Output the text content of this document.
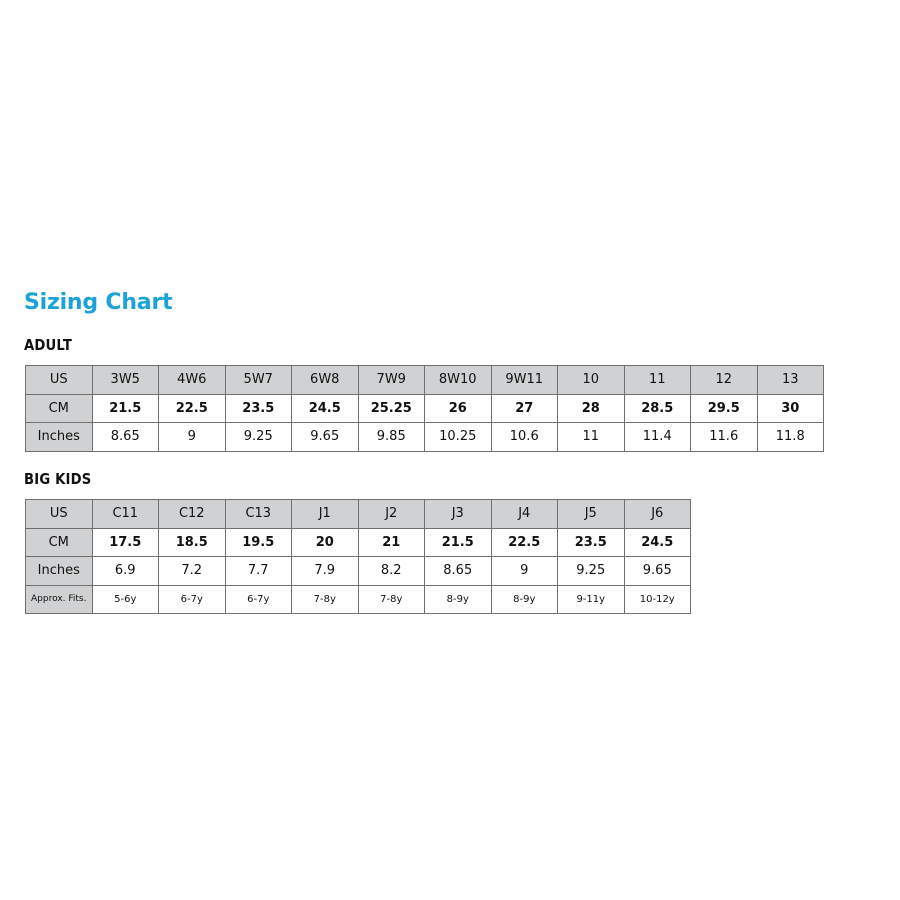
Sizing Chart
ADULT
US	3W5	4W6	5W7	6W8	7W9	8W10	9W11	10	11	12	13
CM	21.5	22.5	23.5	24.5	25.25	26	27	28	28.5	29.5	30
Inches	8.65	9	9.25	9.65	9.85	10.25	10.6	11	11.4	11.6	11.8
BIG KIDS
US	C11	C12	C13	J1	J2	J3	J4	J5	J6
CM	17.5	18.5	19.5	20	21	21.5	22.5	23.5	24.5
Inches	6.9	7.2	7.7	7.9	8.2	8.65	9	9.25	9.65
Approx. Fits.	5-6y	6-7y	6-7y	7-8y	7-8y	8-9y	8-9y	9-11y	10-12y
